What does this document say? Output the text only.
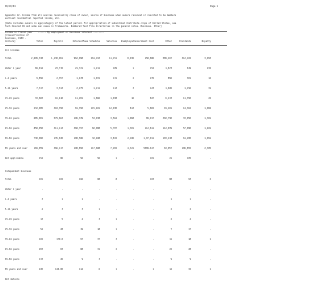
06/18/04	Page 1
Appendix 12. Income from all sources received by class of owner, source of business when owners received or resulted to be members
earliest residential reported income, etc.
[Data includes owners in age/category of the latest period. For appropriation of subsidized distribute crops of United States, see
Tech Insured PA and some own cases in frameworks. Numbered Test File directories in the general notes. Business. Other]
Income in fiscal year
[Classification of
business, 1989 -
dollars]
------ By employment or business interest --------
Total	Payroll	Interest Fees Schedule	Salaries Unemployed Government Cost	Other	Dividends	Royalty
All incomes
Total	2,699,338	1,130,961	962,098	261,193	11,151	8,936	158,886	589,167	312,102	3,993
Under 1 year	69,014	23,715	21,721	1,211	109	1	152	1,673	619	232
1-4 years	9,856	2,357	1,478	1,031	131	2	276	856	301	12
5-14 years	7,317	3,313	2,275	1,211	113	3	123	1,026	1,156	31
15-24 years	33,683	16,410	11,281	1,866	1,038	16	847	6,133	11,350	22
25-34 years	232,985	318,350	81,350	115,481	12,930	813	5,802	91,181	14,362	1,084
35-44 years	685,001	579,663	196,339	53,938	3,564	1,068	89,917	302,790	33,050	1,381
45-64 years	858,050	311,113	368,797	82,088	5,707	1,301	112,811	112,039	57,090	1,481
65-84 years	730,060	135,630	108,586	32,488	3,832	2,186	1,07,011	103,138	61,200	1,091
85 years and over	169,059	366,117	198,850	117,688	7,202	4,321	5589.617	63,057	106,855	2,305
Not applicable	154	86	56	56	1	-	101	21	105	-
Independent business
Total	181	102	166	88	8	-	103	88	93	2
Under 1 year	-	-	-	-	-	-	-	-	-	-
1-4 years	3	1	1	-	-	-	-	1	1	-
5-14 years	4	3	3	1	-	-	-	2	2	-
15-24 years	13	5	4	3	1	-	-	2	4	-
25-34 years	54	28	19	18	1	-	-	7	17	-
35-44 years	102	170.0	97	37	3	-	-	11	18	1
45-64 years	203	83	88	31	2	-	-	22	28	-
65-84 years	133	26	9	3	-	-	-	9	9	-
85 years and over	220	140.00	114	6	1	-	1	14	32	1
Not details
